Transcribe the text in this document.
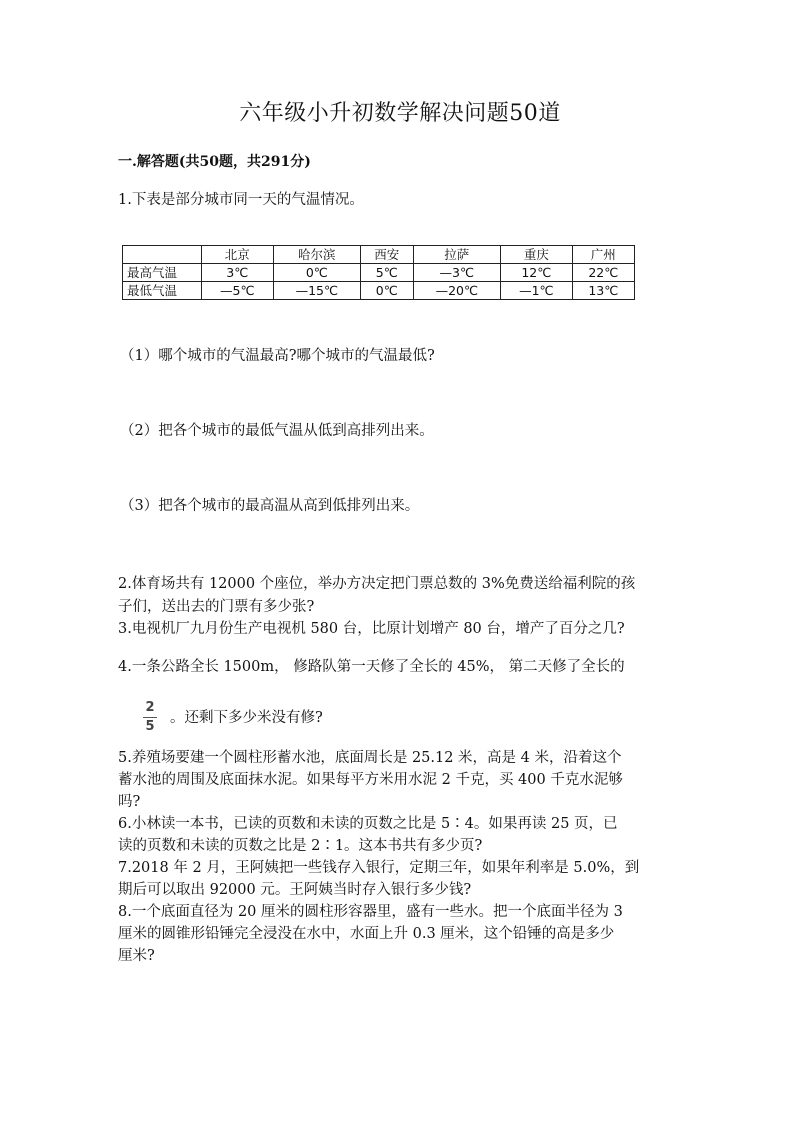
六年级小升初数学解决问题50道
一.解答题(共50题，共291分)
1.下表是部分城市同一天的气温情况。
	北京	哈尔滨	西安	拉萨	重庆	广州
最高气温	3℃	0℃	5℃	—3℃	12℃	22℃
最低气温	—5℃	—15℃	0℃	—20℃	—1℃	13℃
（1）哪个城市的气温最高?哪个城市的气温最低?
（2）把各个城市的最低气温从低到高排列出来。
（3）把各个城市的最高温从高到低排列出来。
2.体育场共有 12000 个座位，举办方决定把门票总数的 3%免费送给福利院的孩
子们，送出去的门票有多少张?
3.电视机厂九月份生产电视机 580 台，比原计划增产 80 台，增产了百分之几?
4.一条公路全长 1500m， 修路队第一天修了全长的 45%， 第二天修了全长的
2
5
。还剩下多少米没有修?
5.养殖场要建一个圆柱形蓄水池，底面周长是 25.12 米，高是 4 米，沿着这个
蓄水池的周围及底面抹水泥。如果每平方米用水泥 2 千克，买 400 千克水泥够
吗?
6.小林读一本书，已读的页数和未读的页数之比是 5∶4。如果再读 25 页，已
读的页数和未读的页数之比是 2∶1。这本书共有多少页?
7.2018 年 2 月，王阿姨把一些钱存入银行，定期三年，如果年利率是 5.0%，到
期后可以取出 92000 元。王阿姨当时存入银行多少钱?
8.一个底面直径为 20 厘米的圆柱形容器里，盛有一些水。把一个底面半径为 3
厘米的圆锥形铅锤完全浸没在水中，水面上升 0.3 厘米，这个铅锤的高是多少
厘米?
